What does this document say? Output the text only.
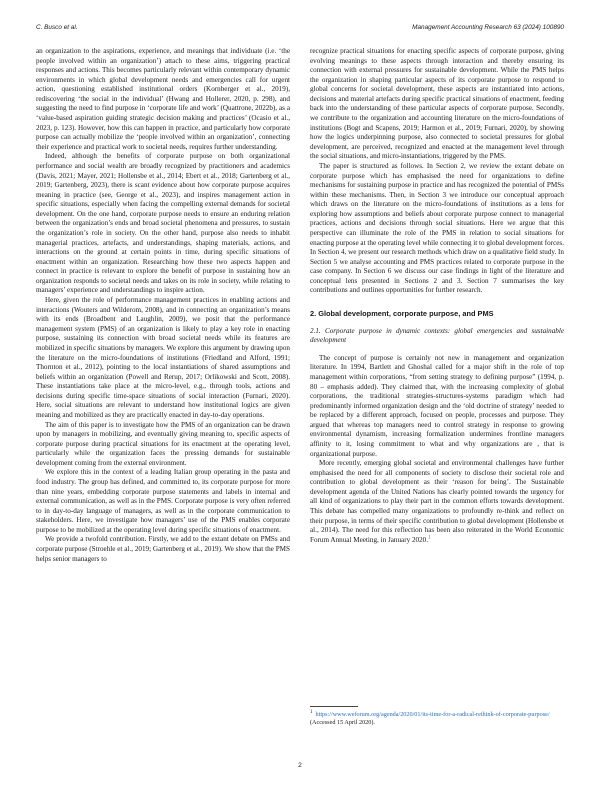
C. Busco et al.	Management Accounting Research 63 (2024) 100890

an organization to the aspirations, experience, and meanings that individuate (i.e. ‘the people involved within an organization’) attach to these aims, triggering practical responses and actions. This becomes particularly relevant within contemporary dynamic environments in which global development needs and emergencies call for urgent action, questioning established institutional orders (Kornberger et al., 2019), rediscovering ‘the social in the individual’ (Hwang and Hollerer, 2020, p. 298), and suggesting the need to find purpose in ‘corporate life and work’ (Quattrone, 2022b), as a ‘value-based aspiration guiding strategic decision making and practices’ (Ocasio et al., 2023, p. 123). However, how this can happen in practice, and particularly how corporate purpose can actually mobilize the ‘people involved within an organization’, connecting their experience and practical work to societal needs, requires further understanding.

Indeed, although the benefits of corporate purpose on both organizational performance and social wealth are broadly recognized by practitioners and academics (Davis, 2021; Mayer, 2021; Hollensbe et al., 2014; Ebert et al., 2018; Gartenberg et al., 2019; Gartenberg, 2023), there is scant evidence about how corporate purpose acquires meaning in practice (see, George et al., 2023), and inspires management action in specific situations, especially when facing the compelling external demands for societal development. On the one hand, corporate purpose needs to ensure an enduring relation between the organization’s ends and broad societal phenomena and pressures, to sustain the organization’s role in society. On the other hand, purpose also needs to inhabit managerial practices, artefacts, and understandings, shaping materials, actions, and interactions on the ground at certain points in time, during specific situations of enactment within an organization. Researching how these two aspects happen and connect in practice is relevant to explore the benefit of purpose in sustaining how an organization responds to societal needs and takes on its role in society, while relating to managers’ experience and understandings to inspire action.

Here, given the role of performance management practices in enabling actions and interactions (Wouters and Wilderom, 2008), and in connecting an organization’s means with its ends (Broadbent and Laughlin, 2009), we posit that the performance management system (PMS) of an organization is likely to play a key role in enacting purpose, sustaining its connection with broad societal needs while its features are mobilized in specific situations by managers. We explore this argument by drawing upon the literature on the micro-foundations of institutions (Friedland and Alford, 1991; Thornton et al., 2012), pointing to the local instantiations of shared assumptions and beliefs within an organization (Powell and Rerup, 2017; Orlikowski and Scott, 2008). These instantiations take place at the micro-level, e.g., through tools, actions and decisions during specific time-space situations of social interaction (Furnari, 2020). Here, social situations are relevant to understand how institutional logics are given meaning and mobilized as they are practically enacted in day-to-day operations.

The aim of this paper is to investigate how the PMS of an organization can be drawn upon by managers in mobilizing, and eventually giving meaning to, specific aspects of corporate purpose during practical situations for its enactment at the operating level, particularly while the organization faces the pressing demands for sustainable development coming from the external environment.

We explore this in the context of a leading Italian group operating in the pasta and food industry. The group has defined, and committed to, its corporate purpose for more than nine years, embedding corporate purpose statements and labels in internal and external communication, as well as in the PMS. Corporate purpose is very often referred to in day-to-day language of managers, as well as in the corporate communication to stakeholders. Here, we investigate how managers’ use of the PMS enables corporate purpose to be mobilized at the operating level during specific situations of enactment.

We provide a twofold contribution. Firstly, we add to the extant debate on PMSs and corporate purpose (Stroehle et al., 2019; Gartenberg et al., 2019). We show that the PMS helps senior managers to

recognize practical situations for enacting specific aspects of corporate purpose, giving evolving meanings to these aspects through interaction and thereby ensuring its connection with external pressures for sustainable development. While the PMS helps the organization in shaping particular aspects of its corporate purpose to respond to global concerns for societal development, these aspects are instantiated into actions, decisions and material artefacts during specific practical situations of enactment, feeding back into the understanding of these particular aspects of corporate purpose. Secondly, we contribute to the organization and accounting literature on the micro-foundations of institutions (Bogt and Scapens, 2019; Harmon et al., 2019; Furnari, 2020), by showing how the logics underpinning purpose, also connected to societal pressures for global development, are perceived, recognized and enacted at the management level through the social situations, and micro-instantiations, triggered by the PMS.

The paper is structured as follows. In Section 2, we review the extant debate on corporate purpose which has emphasised the need for organizations to define mechanisms for sustaining purpose in practice and has recognized the potential of PMSs within these mechanisms. Then, in Section 3 we introduce our conceptual approach which draws on the literature on the micro-foundations of institutions as a lens for exploring how assumptions and beliefs about corporate purpose connect to managerial practices, actions and decisions through social situations. Here we argue that this perspective can illuminate the role of the PMS in relation to social situations for enacting purpose at the operating level while connecting it to global development forces. In Section 4, we present our research methods which draw on a qualitative field study. In Section 5 we analyse accounting and PMS practices related to corporate purpose in the case company. In Section 6 we discuss our case findings in light of the literature and conceptual lens presented in Sections 2 and 3. Section 7 summarises the key contributions and outlines opportunities for further research.

2. Global development, corporate purpose, and PMS
2.1. Corporate purpose in dynamic contexts: global emergencies and sustainable development

The concept of purpose is certainly not new in management and organization literature. In 1994, Bartlett and Ghoshal called for a major shift in the role of top management within corporations, “from setting strategy to defining purpose” (1994, p. 80 – emphasis added). They claimed that, with the increasing complexity of global corporations, the traditional strategies-structures-systems paradigm which had predominantly informed organization design and the ‘old doctrine of strategy’ needed to be replaced by a different approach, focused on people, processes and purpose. They argued that whereas top managers need to control strategy in response to growing environmental dynamism, increasing formalization undermines frontline managers affinity to it, losing commitment to what and why organizations are , that is organizational purpose.

More recently, emerging global societal and environmental challenges have further emphasised the need for all components of society to disclose their societal role and contribution to global development as their ‘reason for being’. The Sustainable development agenda of the United Nations has clearly pointed towards the urgency for all kind of organizations to play their part in the common efforts towards development. This debate has compelled many organizations to profoundly re-think and reflect on their purpose, in terms of their specific contribution to global development (Hollensbe et al., 2014). The need for this reflection has been also reiterated in the World Economic Forum Annual Meeting, in January 2020.$^1$

$^1$ https://www.weforum.org/agenda/2020/01/its-time-for-a-radical-rethink-of-corporate-purpose/ (Accessed 15 April 2020).
2
